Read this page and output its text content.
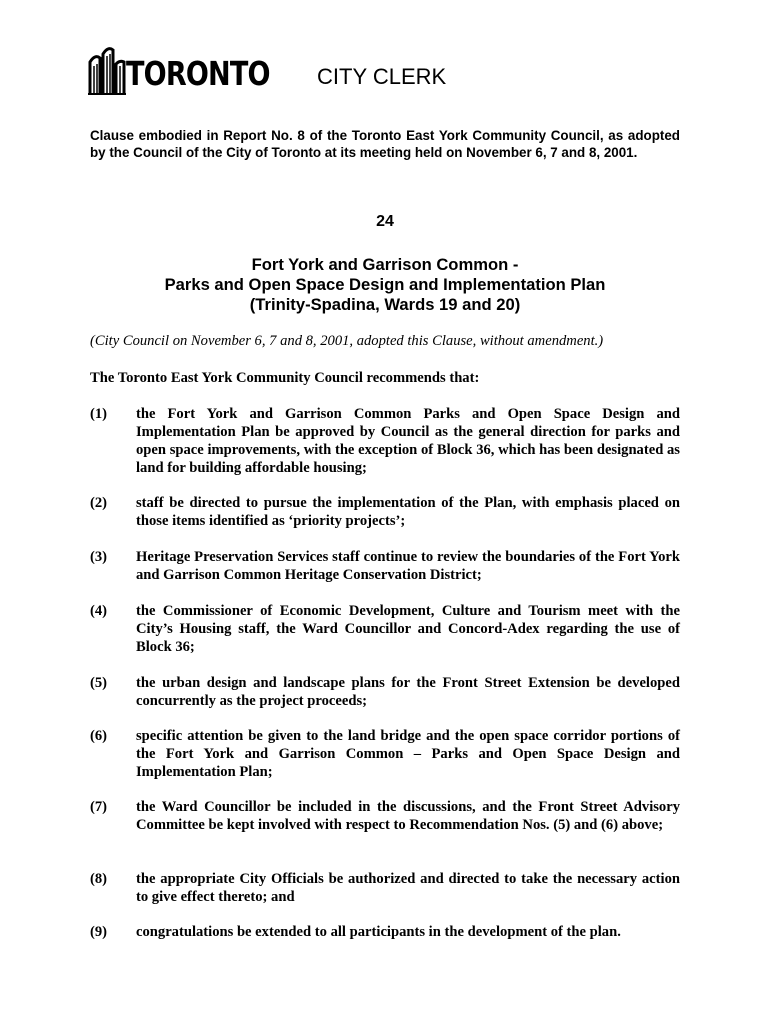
TORONTO CITY CLERK
Clause embodied in Report No. 8 of the Toronto East York Community Council, as adopted by the Council of the City of Toronto at its meeting held on November 6, 7 and 8, 2001.
24
Fort York and Garrison Common -
Parks and Open Space Design and Implementation Plan
(Trinity-Spadina, Wards 19 and 20)
(City Council on November 6, 7 and 8, 2001, adopted this Clause, without amendment.)
The Toronto East York Community Council recommends that:
(1) the Fort York and Garrison Common Parks and Open Space Design and Implementation Plan be approved by Council as the general direction for parks and open space improvements, with the exception of Block 36, which has been designated as land for building affordable housing;
(2) staff be directed to pursue the implementation of the Plan, with emphasis placed on those items identified as ‘priority projects’;
(3) Heritage Preservation Services staff continue to review the boundaries of the Fort York and Garrison Common Heritage Conservation District;
(4) the Commissioner of Economic Development, Culture and Tourism meet with the City’s Housing staff, the Ward Councillor and Concord-Adex regarding the use of Block 36;
(5) the urban design and landscape plans for the Front Street Extension be developed concurrently as the project proceeds;
(6) specific attention be given to the land bridge and the open space corridor portions of the Fort York and Garrison Common – Parks and Open Space Design and Implementation Plan;
(7) the Ward Councillor be included in the discussions, and the Front Street Advisory Committee be kept involved with respect to Recommendation Nos. (5) and (6) above;
(8) the appropriate City Officials be authorized and directed to take the necessary action to give effect thereto; and
(9) congratulations be extended to all participants in the development of the plan.
